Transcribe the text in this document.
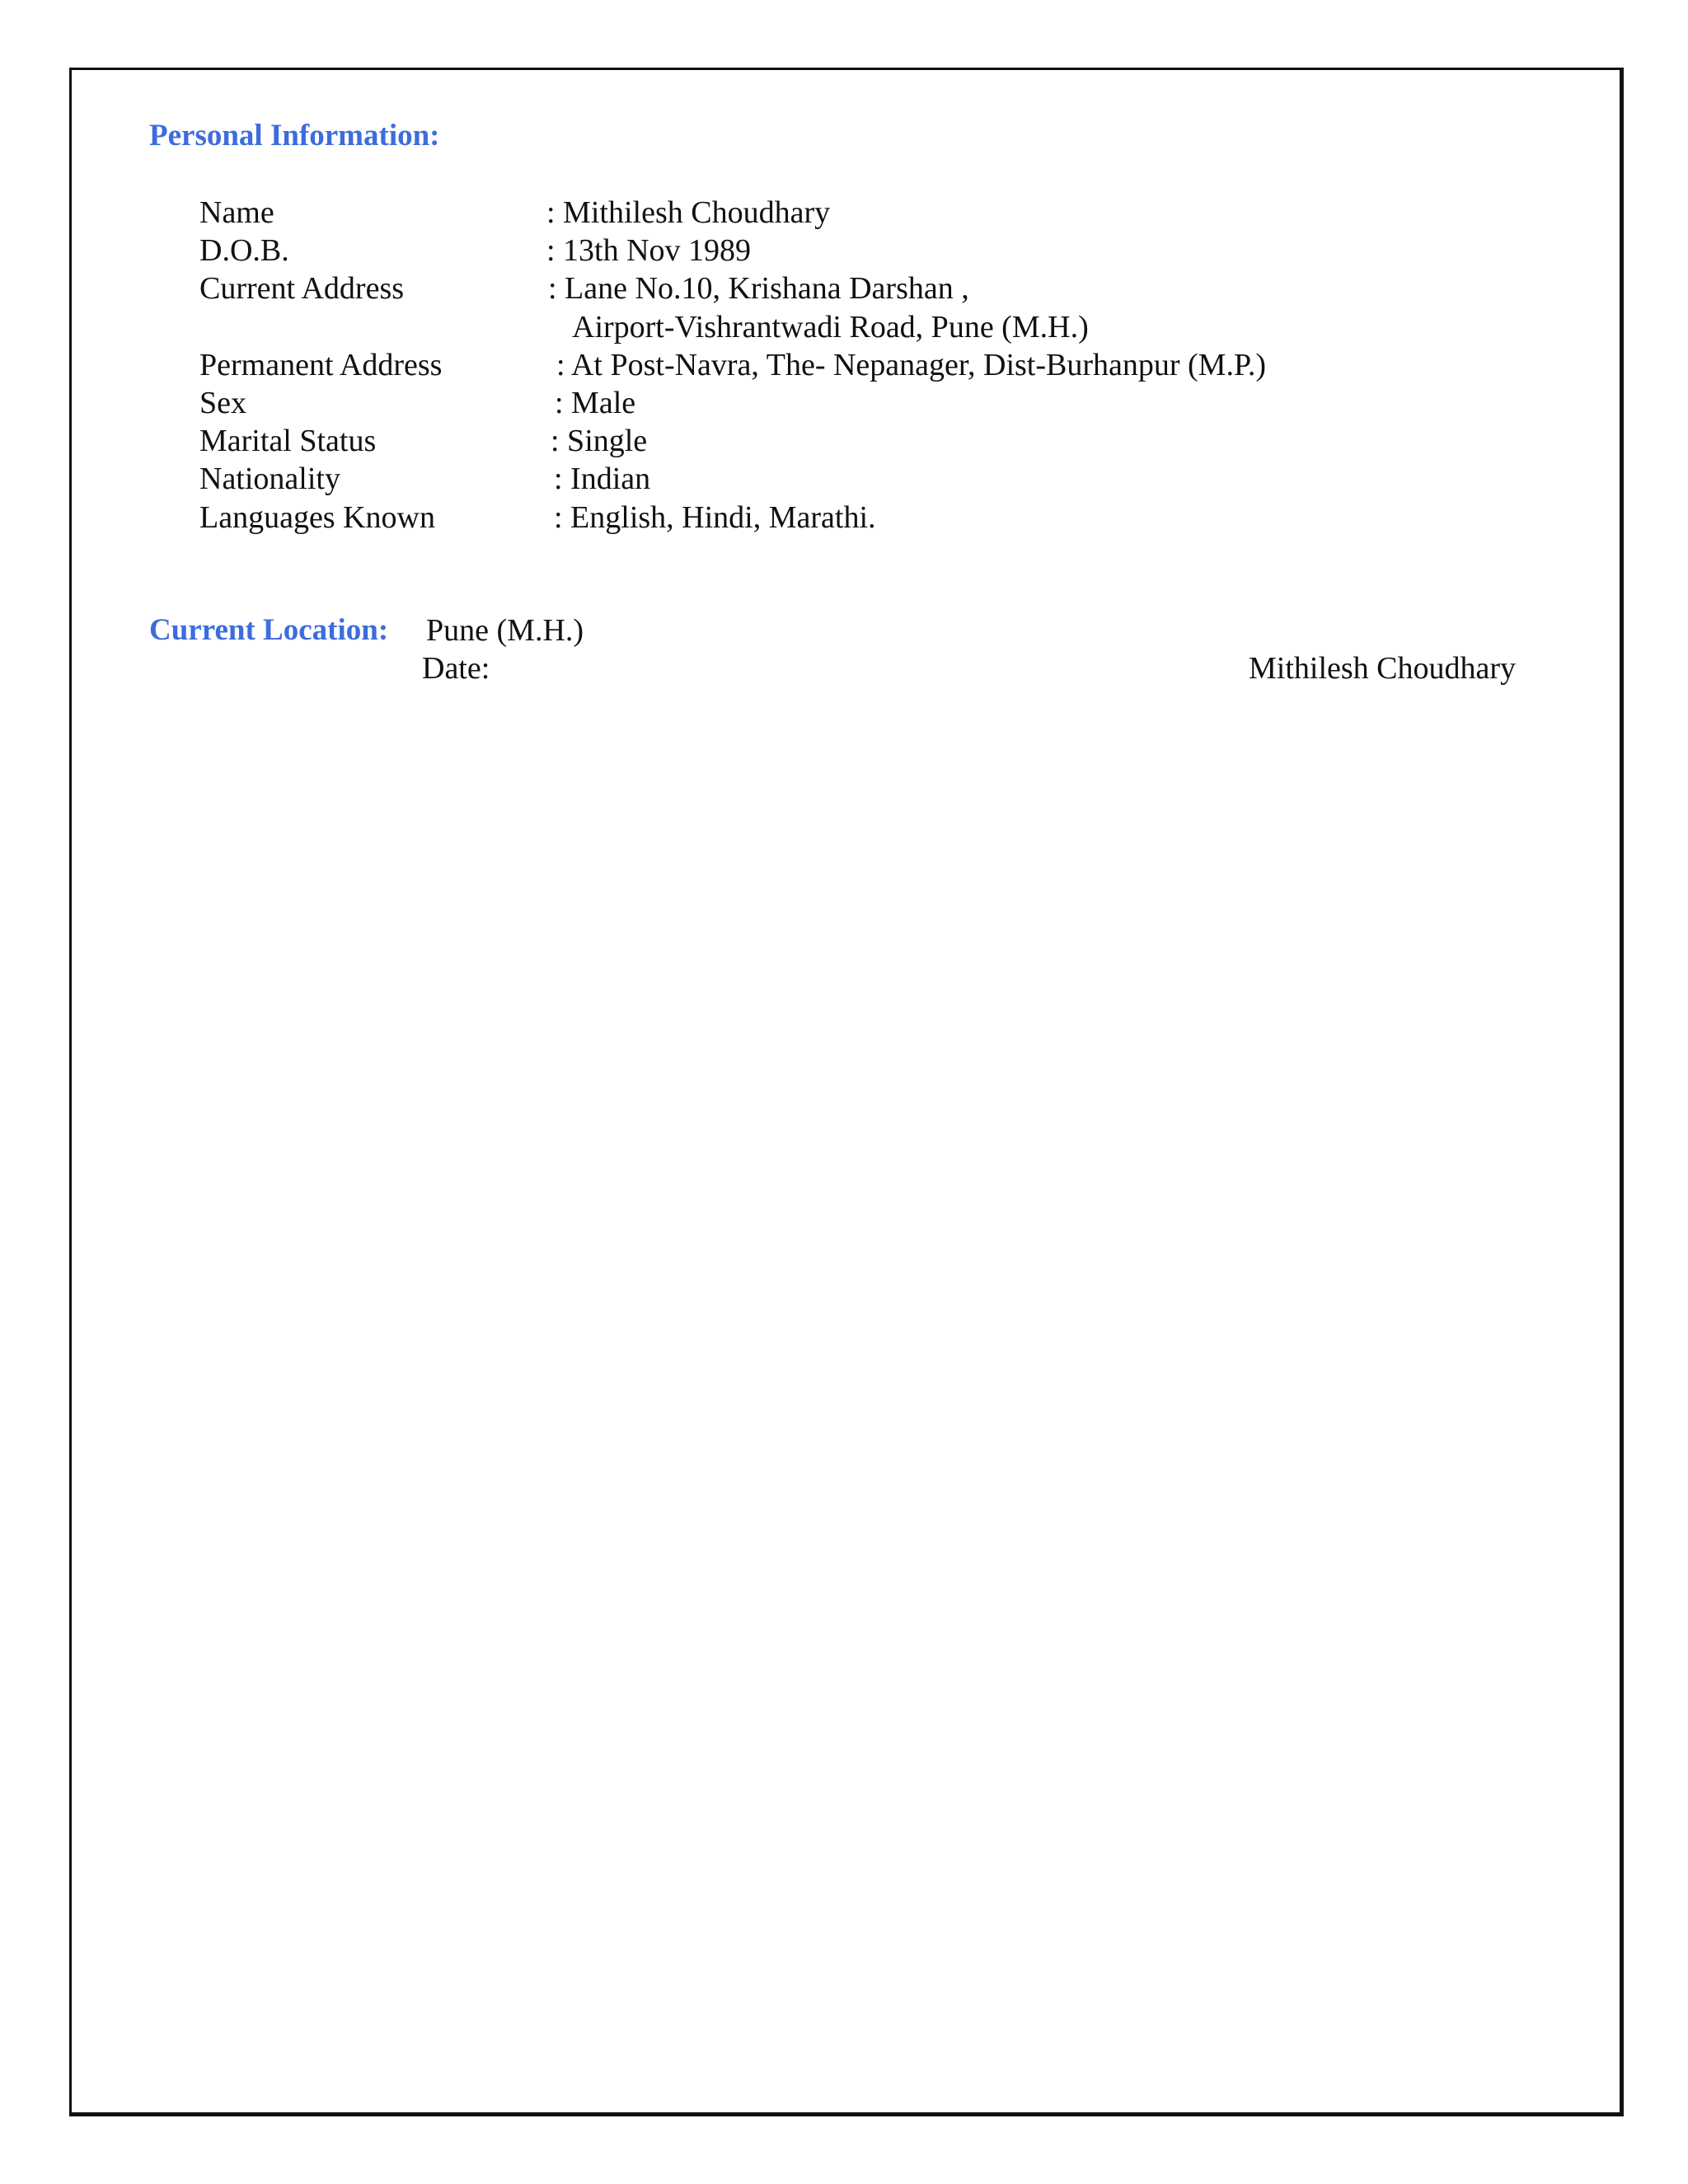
Personal Information:
Name	: Mithilesh Choudhary
D.O.B.	: 13th Nov 1989
Current Address	: Lane No.10, Krishana Darshan ,
Airport-Vishrantwadi Road, Pune (M.H.)
Permanent Address	: At Post-Navra, The- Nepanager, Dist-Burhanpur (M.P.)
Sex	: Male
Marital Status	: Single
Nationality	: Indian
Languages Known	: English, Hindi, Marathi.
Current Location: Pune (M.H.)
Date:	Mithilesh Choudhary
